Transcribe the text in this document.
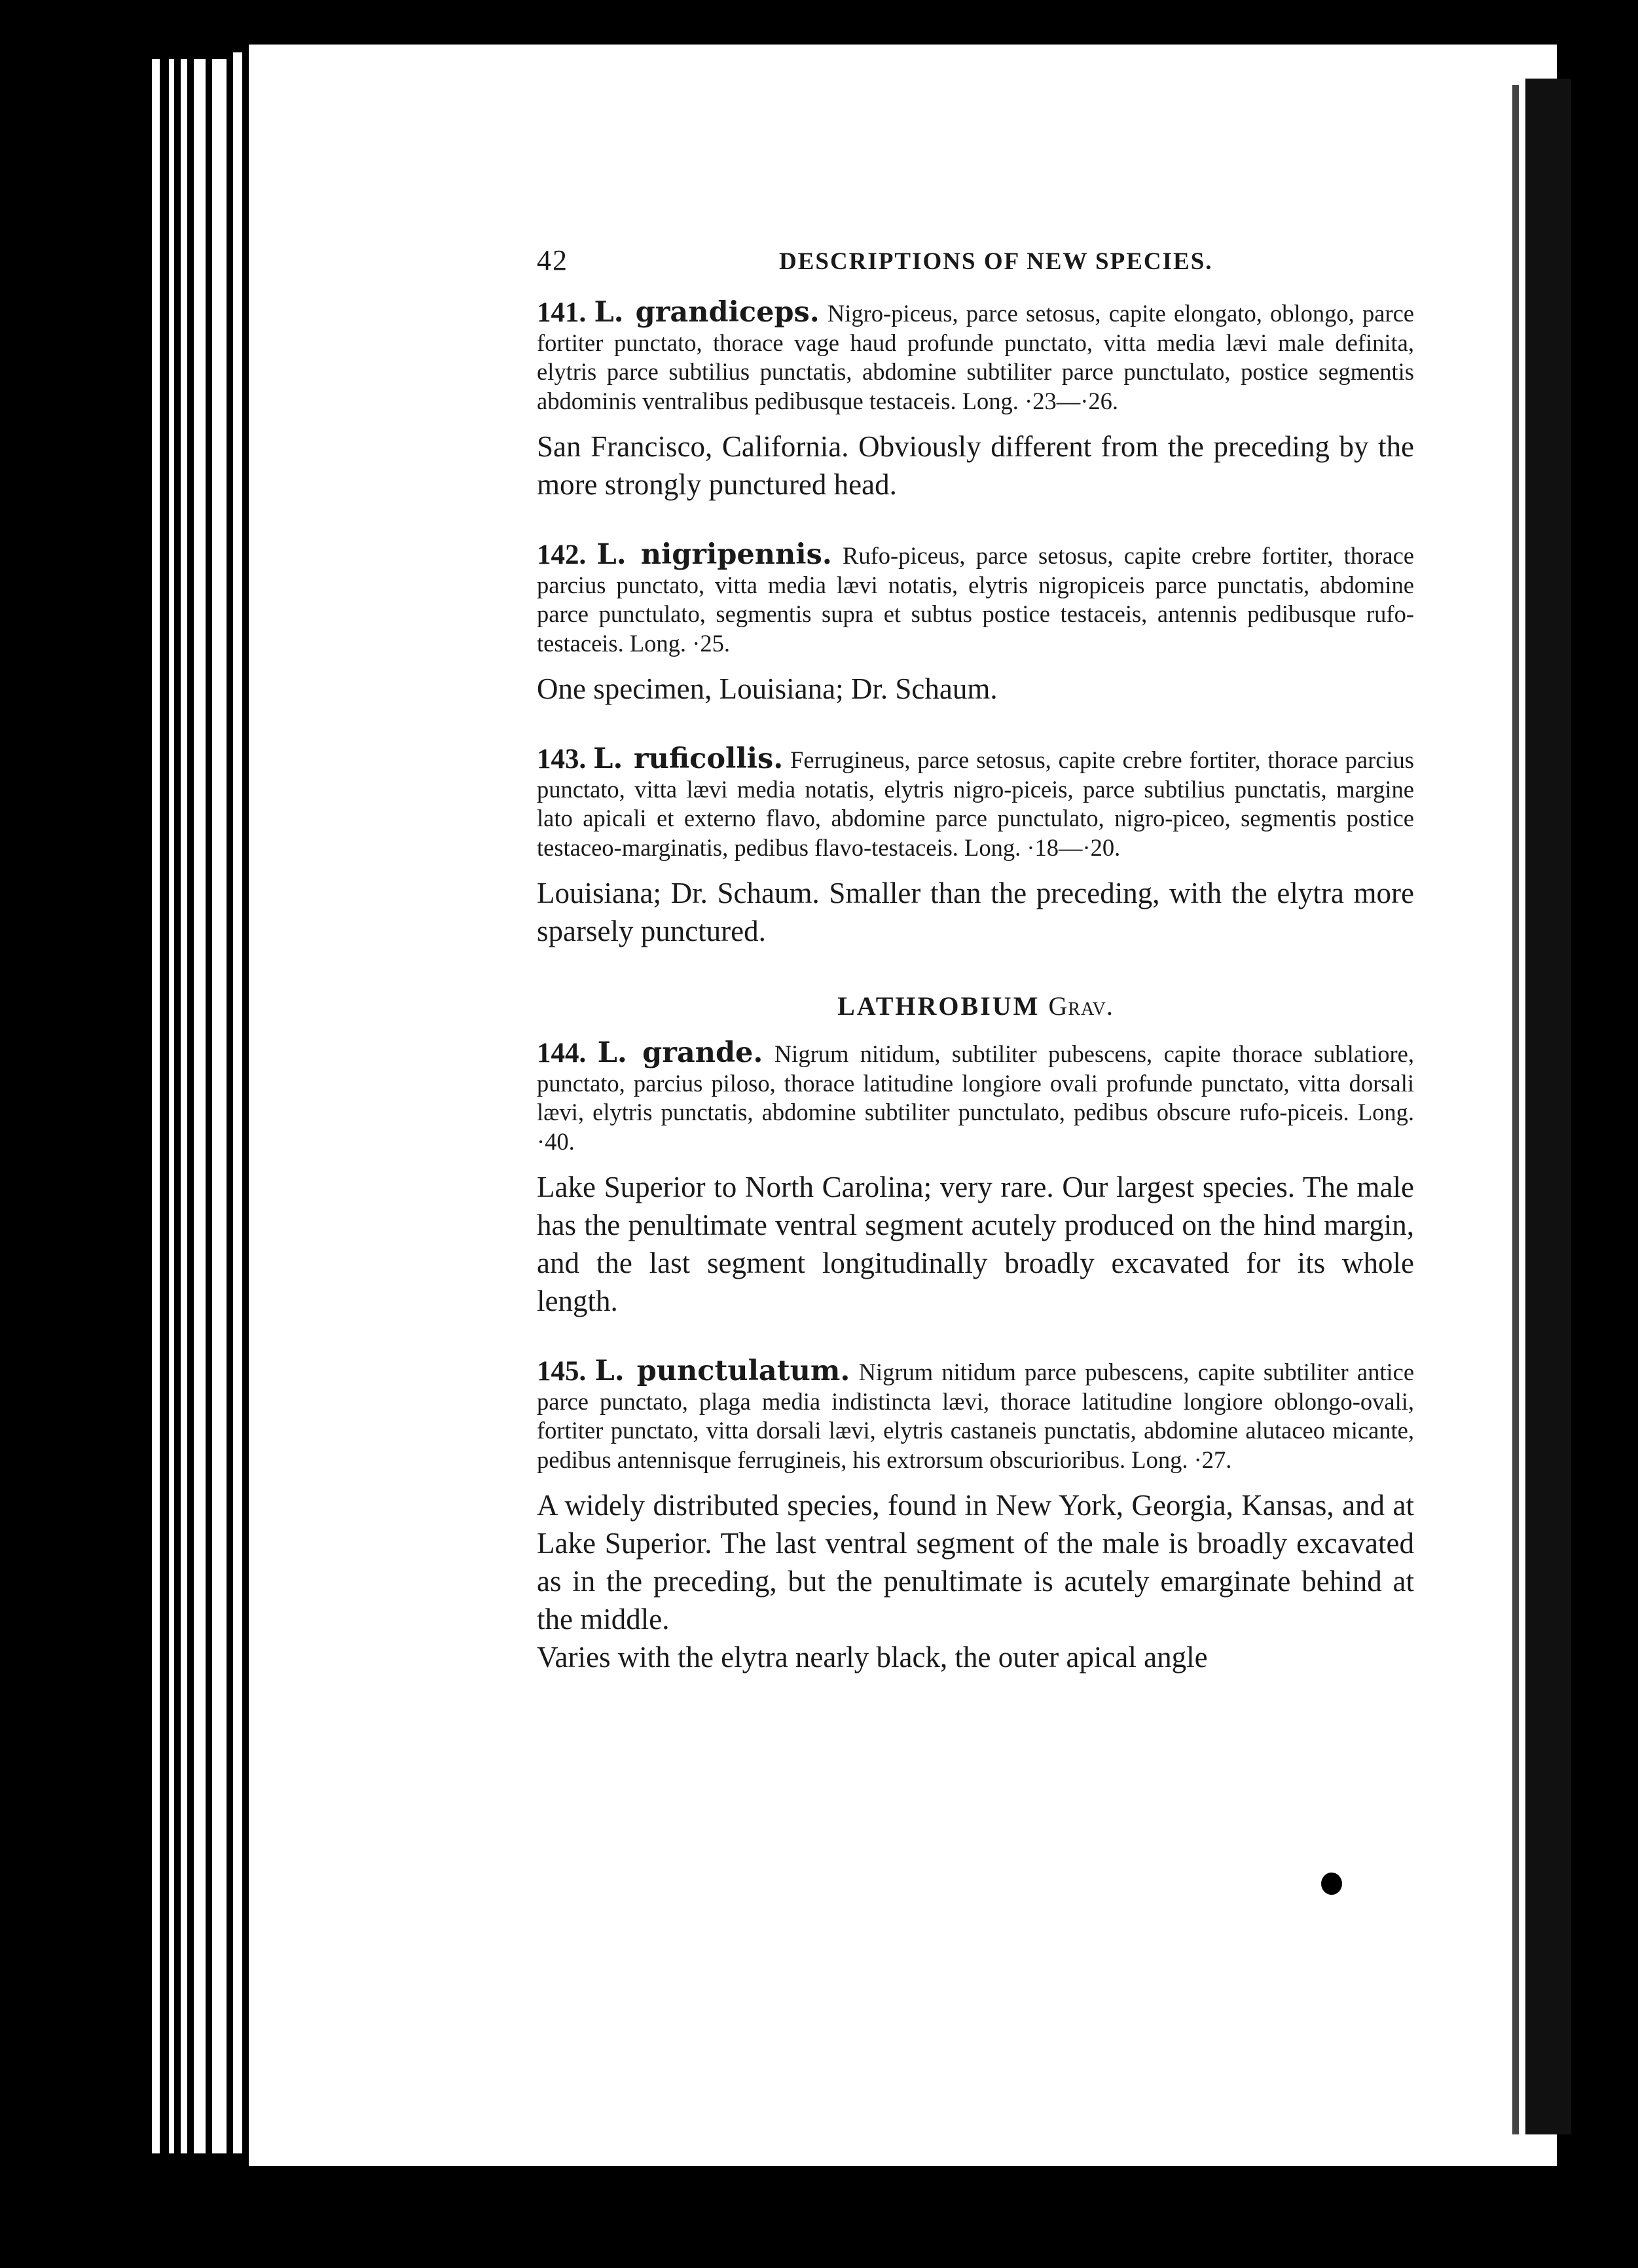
42	DESCRIPTIONS OF NEW SPECIES.

141. L. grandiceps. Nigro-piceus, parce setosus, capite elongato, oblongo, parce fortiter punctato, thorace vage haud profunde punctato, vitta media lævi male definita, elytris parce subtilius punctatis, abdomine subtiliter parce punctulato, postice segmentis abdominis ventralibus pedibusque testaceis. Long. ·23—·26.

San Francisco, California. Obviously different from the preceding by the more strongly punctured head.

142. L. nigripennis. Rufo-piceus, parce setosus, capite crebre fortiter, thorace parcius punctato, vitta media lævi notatis, elytris nigropiceis parce punctatis, abdomine parce punctulato, segmentis supra et subtus postice testaceis, antennis pedibusque rufo-testaceis. Long. ·25.

One specimen, Louisiana; Dr. Schaum.

143. L. ruficollis. Ferrugineus, parce setosus, capite crebre fortiter, thorace parcius punctato, vitta lævi media notatis, elytris nigro-piceis, parce subtilius punctatis, margine lato apicali et externo flavo, abdomine parce punctulato, nigro-piceo, segmentis postice testaceo-marginatis, pedibus flavo-testaceis. Long. ·18—·20.

Louisiana; Dr. Schaum. Smaller than the preceding, with the elytra more sparsely punctured.

LATHROBIUM Grav.

144. L. grande. Nigrum nitidum, subtiliter pubescens, capite thorace sublatiore, punctato, parcius piloso, thorace latitudine longiore ovali profunde punctato, vitta dorsali lævi, elytris punctatis, abdomine subtiliter punctulato, pedibus obscure rufo-piceis. Long. ·40.

Lake Superior to North Carolina; very rare. Our largest species. The male has the penultimate ventral segment acutely produced on the hind margin, and the last segment longitudinally broadly excavated for its whole length.

145. L. punctulatum. Nigrum nitidum parce pubescens, capite subtiliter antice parce punctato, plaga media indistincta lævi, thorace latitudine longiore oblongo-ovali, fortiter punctato, vitta dorsali lævi, elytris castaneis punctatis, abdomine alutaceo micante, pedibus antennisque ferrugineis, his extrorsum obscurioribus. Long. ·27.

A widely distributed species, found in New York, Georgia, Kansas, and at Lake Superior. The last ventral segment of the male is broadly excavated as in the preceding, but the penultimate is acutely emarginate behind at the middle.

Varies with the elytra nearly black, the outer apical angle
